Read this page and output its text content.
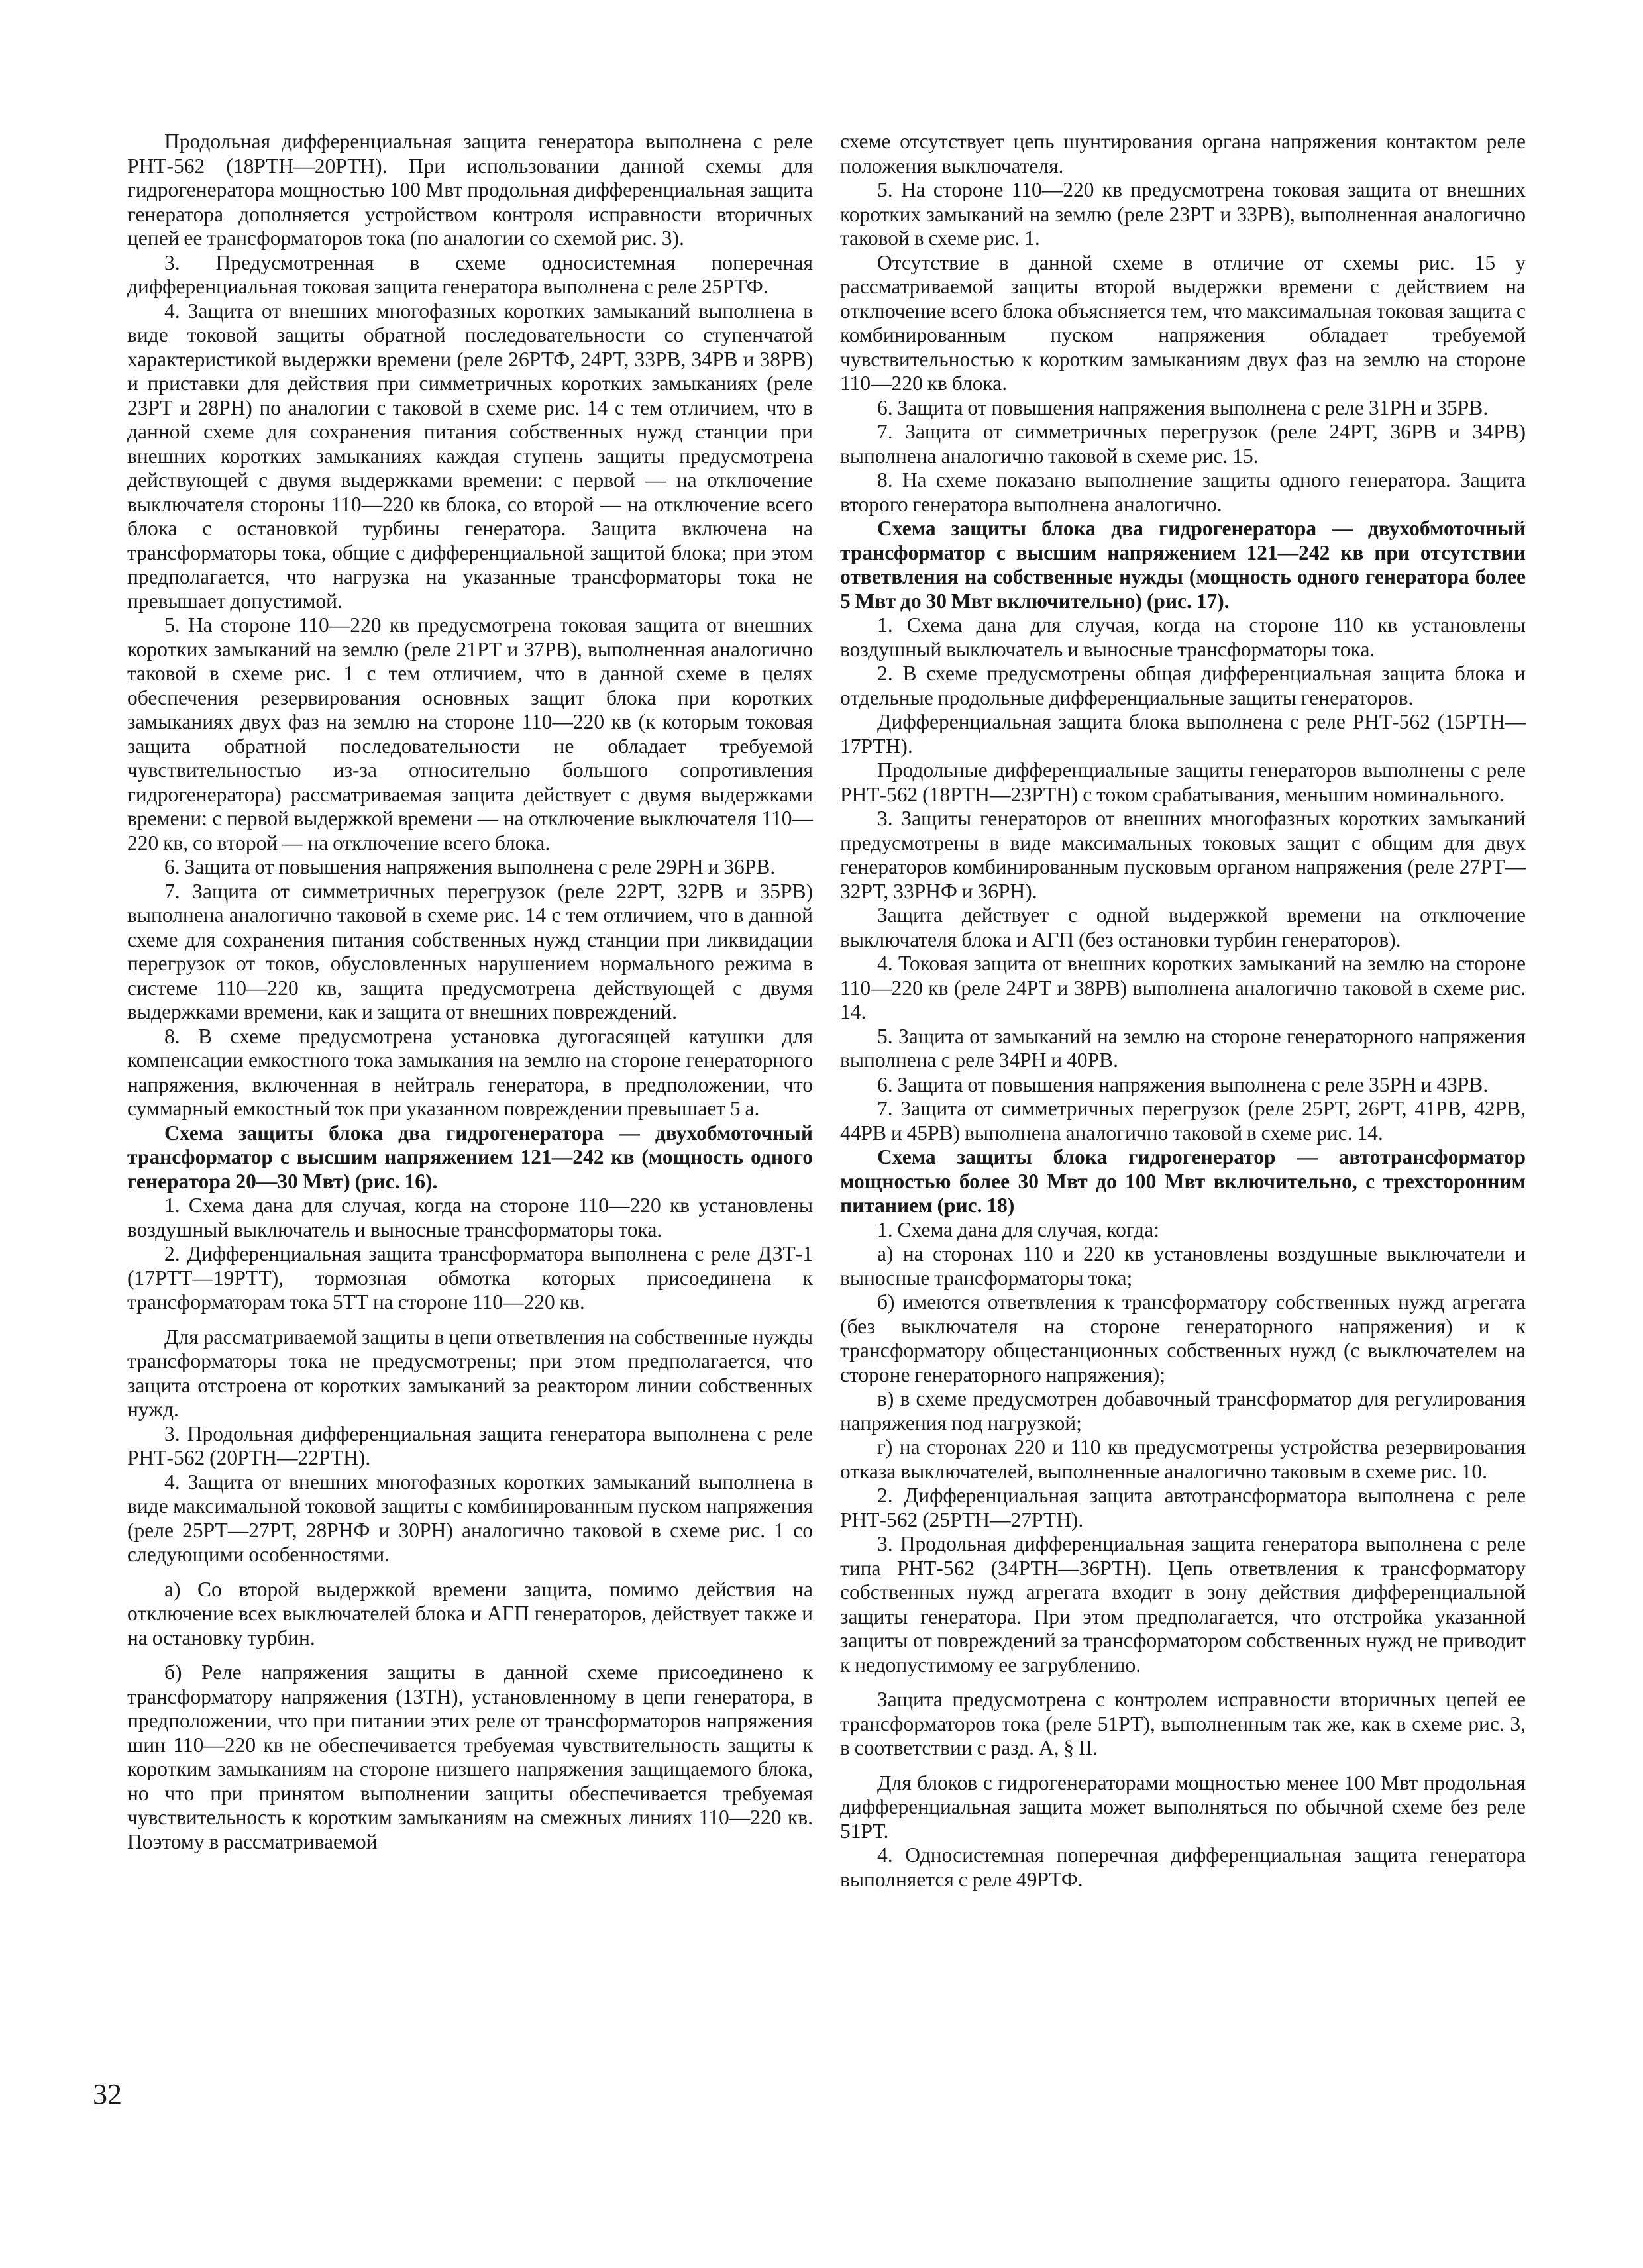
Продольная дифференциальная защита генератора выполнена с реле РНТ-562 (18РТН—20РТН). При использовании данной схемы для гидрогенератора мощностью 100 Мвт продольная дифференциальная защита генератора дополняется устройством контроля исправности вторичных цепей ее трансформаторов тока (по аналогии со схемой рис. 3).

3. Предусмотренная в схеме односистемная поперечная дифференциальная токовая защита генератора выполнена с реле 25РТФ.

4. Защита от внешних многофазных коротких замыканий выполнена в виде токовой защиты обратной последовательности со ступенчатой характеристикой выдержки времени (реле 26РТФ, 24РТ, 33РВ, 34РВ и 38РВ) и приставки для действия при симметричных коротких замыканиях (реле 23РТ и 28РН) по аналогии с таковой в схеме рис. 14 с тем отличием, что в данной схеме для сохранения питания собственных нужд станции при внешних коротких замыканиях каждая ступень защиты предусмотрена действующей с двумя выдержками времени: с первой — на отключение выключателя стороны 110—220 кв блока, со второй — на отключение всего блока с остановкой турбины генератора. Защита включена на трансформаторы тока, общие с дифференциальной защитой блока; при этом предполагается, что нагрузка на указанные трансформаторы тока не превышает допустимой.

5. На стороне 110—220 кв предусмотрена токовая защита от внешних коротких замыканий на землю (реле 21РТ и 37РВ), выполненная аналогично таковой в схеме рис. 1 с тем отличием, что в данной схеме в целях обеспечения резервирования основных защит блока при коротких замыканиях двух фаз на землю на стороне 110—220 кв (к которым токовая защита обратной последовательности не обладает требуемой чувствительностью из-за относительно большого сопротивления гидрогенератора) рассматриваемая защита действует с двумя выдержками времени: с первой выдержкой времени — на отключение выключателя 110—220 кв, со второй — на отключение всего блока.

6. Защита от повышения напряжения выполнена с реле 29РН и 36РВ.

7. Защита от симметричных перегрузок (реле 22РТ, 32РВ и 35РВ) выполнена аналогично таковой в схеме рис. 14 с тем отличием, что в данной схеме для сохранения питания собственных нужд станции при ликвидации перегрузок от токов, обусловленных нарушением нормального режима в системе 110—220 кв, защита предусмотрена действующей с двумя выдержками времени, как и защита от внешних повреждений.

8. В схеме предусмотрена установка дугогасящей катушки для компенсации емкостного тока замыкания на землю на стороне генераторного напряжения, включенная в нейтраль генератора, в предположении, что суммарный емкостный ток при указанном повреждении превышает 5 а.

Схема защиты блока два гидрогенератора — двухобмоточный трансформатор с высшим напряжением 121—242 кв (мощность одного генератора 20—30 Мвт) (рис. 16).

1. Схема дана для случая, когда на стороне 110—220 кв установлены воздушный выключатель и выносные трансформаторы тока.

2. Дифференциальная защита трансформатора выполнена с реле ДЗТ-1 (17РТТ—19РТТ), тормозная обмотка которых присоединена к трансформаторам тока 5ТТ на стороне 110—220 кв.

Для рассматриваемой защиты в цепи ответвления на собственные нужды трансформаторы тока не предусмотрены; при этом предполагается, что защита отстроена от коротких замыканий за реактором линии собственных нужд.

3. Продольная дифференциальная защита генератора выполнена с реле РНТ-562 (20РТН—22РТН).

4. Защита от внешних многофазных коротких замыканий выполнена в виде максимальной токовой защиты с комбинированным пуском напряжения (реле 25РТ—27РТ, 28РНФ и 30РН) аналогично таковой в схеме рис. 1 со следующими особенностями.

а) Со второй выдержкой времени защита, помимо действия на отключение всех выключателей блока и АГП генераторов, действует также и на остановку турбин.

б) Реле напряжения защиты в данной схеме присоединено к трансформатору напряжения (13ТН), установленному в цепи генератора, в предположении, что при питании этих реле от трансформаторов напряжения шин 110—220 кв не обеспечивается требуемая чувствительность защиты к коротким замыканиям на стороне низшего напряжения защищаемого блока, но что при принятом выполнении защиты обеспечивается требуемая чувствительность к коротким замыканиям на смежных линиях 110—220 кв. Поэтому в рассматриваемой

схеме отсутствует цепь шунтирования органа напряжения контактом реле положения выключателя.

5. На стороне 110—220 кв предусмотрена токовая защита от внешних коротких замыканий на землю (реле 23РТ и 33РВ), выполненная аналогично таковой в схеме рис. 1.

Отсутствие в данной схеме в отличие от схемы рис. 15 у рассматриваемой защиты второй выдержки времени с действием на отключение всего блока объясняется тем, что максимальная токовая защита с комбинированным пуском напряжения обладает требуемой чувствительностью к коротким замыканиям двух фаз на землю на стороне 110—220 кв блока.

6. Защита от повышения напряжения выполнена с реле 31РН и 35РВ.

7. Защита от симметричных перегрузок (реле 24РТ, 36РВ и 34РВ) выполнена аналогично таковой в схеме рис. 15.

8. На схеме показано выполнение защиты одного генератора. Защита второго генератора выполнена аналогично.

Схема защиты блока два гидрогенератора — двухобмоточный трансформатор с высшим напряжением 121—242 кв при отсутствии ответвления на собственные нужды (мощность одного генератора более 5 Мвт до 30 Мвт включительно) (рис. 17).

1. Схема дана для случая, когда на стороне 110 кв установлены воздушный выключатель и выносные трансформаторы тока.

2. В схеме предусмотрены общая дифференциальная защита блока и отдельные продольные дифференциальные защиты генераторов.

Дифференциальная защита блока выполнена с реле РНТ-562 (15РТН—17РТН).

Продольные дифференциальные защиты генераторов выполнены с реле РНТ-562 (18РТН—23РТН) с током срабатывания, меньшим номинального.

3. Защиты генераторов от внешних многофазных коротких замыканий предусмотрены в виде максимальных токовых защит с общим для двух генераторов комбинированным пусковым органом напряжения (реле 27РТ—32РТ, 33РНФ и 36РН).

Защита действует с одной выдержкой времени на отключение выключателя блока и АГП (без остановки турбин генераторов).

4. Токовая защита от внешних коротких замыканий на землю на стороне 110—220 кв (реле 24РТ и 38РВ) выполнена аналогично таковой в схеме рис. 14.

5. Защита от замыканий на землю на стороне генераторного напряжения выполнена с реле 34РН и 40РВ.

6. Защита от повышения напряжения выполнена с реле 35РН и 43РВ.

7. Защита от симметричных перегрузок (реле 25РТ, 26РТ, 41РВ, 42РВ, 44РВ и 45РВ) выполнена аналогично таковой в схеме рис. 14.

Схема защиты блока гидрогенератор — автотрансформатор мощностью более 30 Мвт до 100 Мвт включительно, с трехсторонним питанием (рис. 18)

1. Схема дана для случая, когда:

а) на сторонах 110 и 220 кв установлены воздушные выключатели и выносные трансформаторы тока;

б) имеются ответвления к трансформатору собственных нужд агрегата (без выключателя на стороне генераторного напряжения) и к трансформатору общестанционных собственных нужд (с выключателем на стороне генераторного напряжения);

в) в схеме предусмотрен добавочный трансформатор для регулирования напряжения под нагрузкой;

г) на сторонах 220 и 110 кв предусмотрены устройства резервирования отказа выключателей, выполненные аналогично таковым в схеме рис. 10.

2. Дифференциальная защита автотрансформатора выполнена с реле РНТ-562 (25РТН—27РТН).

3. Продольная дифференциальная защита генератора выполнена с реле типа РНТ-562 (34РТН—36РТН). Цепь ответвления к трансформатору собственных нужд агрегата входит в зону действия дифференциальной защиты генератора. При этом предполагается, что отстройка указанной защиты от повреждений за трансформатором собственных нужд не приводит к недопустимому ее загрублению.

Защита предусмотрена с контролем исправности вторичных цепей ее трансформаторов тока (реле 51РТ), выполненным так же, как в схеме рис. 3, в соответствии с разд. А, § II.

Для блоков с гидрогенераторами мощностью менее 100 Мвт продольная дифференциальная защита может выполняться по обычной схеме без реле 51РТ.

4. Односистемная поперечная дифференциальная защита генератора выполняется с реле 49РТФ.

32
